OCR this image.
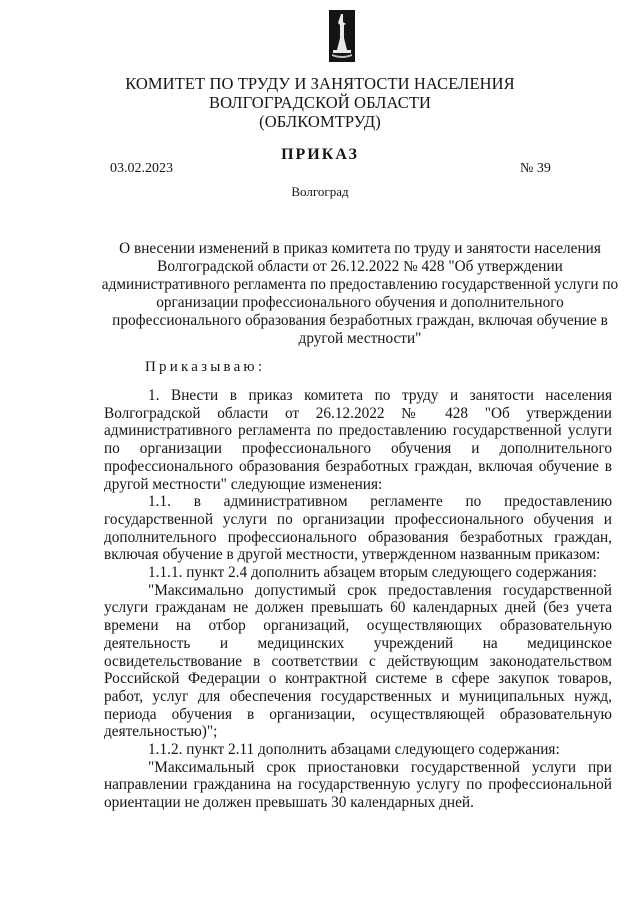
КОМИТЕТ ПО ТРУДУ И ЗАНЯТОСТИ НАСЕЛЕНИЯ
ВОЛГОГРАДСКОЙ ОБЛАСТИ
(ОБЛКОМТРУД)
ПРИКАЗ
03.02.2023	№ 39
Волгоград
О внесении изменений в приказ комитета по труду и занятости населения Волгоградской области от 26.12.2022 № 428 "Об утверждении административного регламента по предоставлению государственной услуги по организации профессионального обучения и дополнительного профессионального образования безработных граждан, включая обучение в другой местности"
Приказываю:

1. Внести в приказ комитета по труду и занятости населения Волгоградской области от 26.12.2022 № 428 "Об утверждении административного регламента по предоставлению государственной услуги по организации профессионального обучения и дополнительного профессионального образования безработных граждан, включая обучение в другой местности" следующие изменения:

1.1. в административном регламенте по предоставлению государственной услуги по организации профессионального обучения и дополнительного профессионального образования безработных граждан, включая обучение в другой местности, утвержденном названным приказом:

1.1.1. пункт 2.4 дополнить абзацем вторым следующего содержания:

"Максимально допустимый срок предоставления государственной услуги гражданам не должен превышать 60 календарных дней (без учета времени на отбор организаций, осуществляющих образовательную деятельность и медицинских учреждений на медицинское освидетельствование в соответствии с действующим законодательством Российской Федерации о контрактной системе в сфере закупок товаров, работ, услуг для обеспечения государственных и муниципальных нужд, периода обучения в организации, осуществляющей образовательную деятельностью)";

1.1.2. пункт 2.11 дополнить абзацами следующего содержания:

"Максимальный срок приостановки государственной услуги при направлении гражданина на государственную услугу по профессиональной ориентации не должен превышать 30 календарных дней.
